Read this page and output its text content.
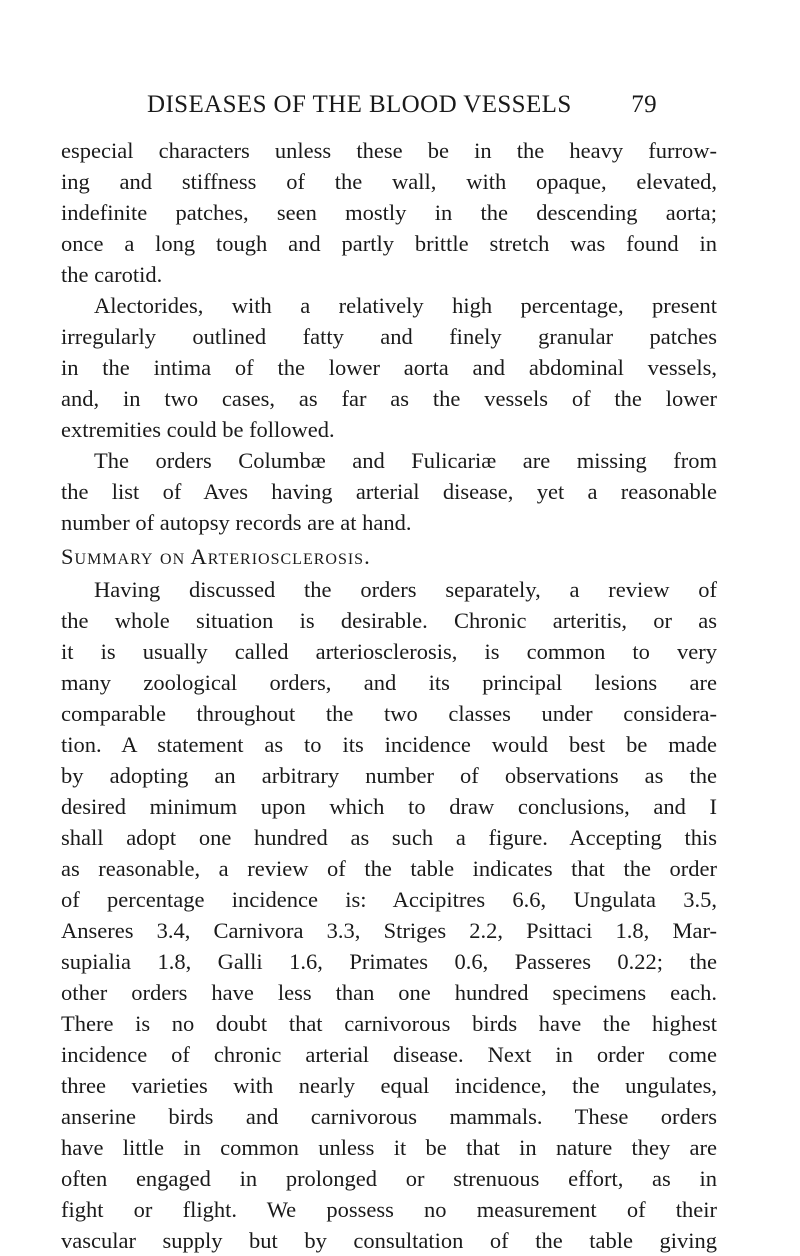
DISEASES OF THE BLOOD VESSELS 79
especial characters unless these be in the heavy furrow-
ing and stiffness of the wall, with opaque, elevated,
indefinite patches, seen mostly in the descending aorta;
once a long tough and partly brittle stretch was found in
the carotid.
Alectorides, with a relatively high percentage, present
irregularly outlined fatty and finely granular patches
in the intima of the lower aorta and abdominal vessels,
and, in two cases, as far as the vessels of the lower
extremities could be followed.
The orders Columbæ and Fulicariæ are missing from
the list of Aves having arterial disease, yet a reasonable
number of autopsy records are at hand.
Summary on Arteriosclerosis.
Having discussed the orders separately, a review of
the whole situation is desirable. Chronic arteritis, or as
it is usually called arteriosclerosis, is common to very
many zoological orders, and its principal lesions are
comparable throughout the two classes under considera-
tion. A statement as to its incidence would best be made
by adopting an arbitrary number of observations as the
desired minimum upon which to draw conclusions, and I
shall adopt one hundred as such a figure. Accepting this
as reasonable, a review of the table indicates that the order
of percentage incidence is: Accipitres 6.6, Ungulata 3.5,
Anseres 3.4, Carnivora 3.3, Striges 2.2, Psittaci 1.8, Mar-
supialia 1.8, Galli 1.6, Primates 0.6, Passeres 0.22; the
other orders have less than one hundred specimens each.
There is no doubt that carnivorous birds have the highest
incidence of chronic arterial disease. Next in order come
three varieties with nearly equal incidence, the ungulates,
anserine birds and carnivorous mammals. These orders
have little in common unless it be that in nature they are
often engaged in prolonged or strenuous effort, as in
fight or flight. We possess no measurement of their
vascular supply but by consultation of the table giving
